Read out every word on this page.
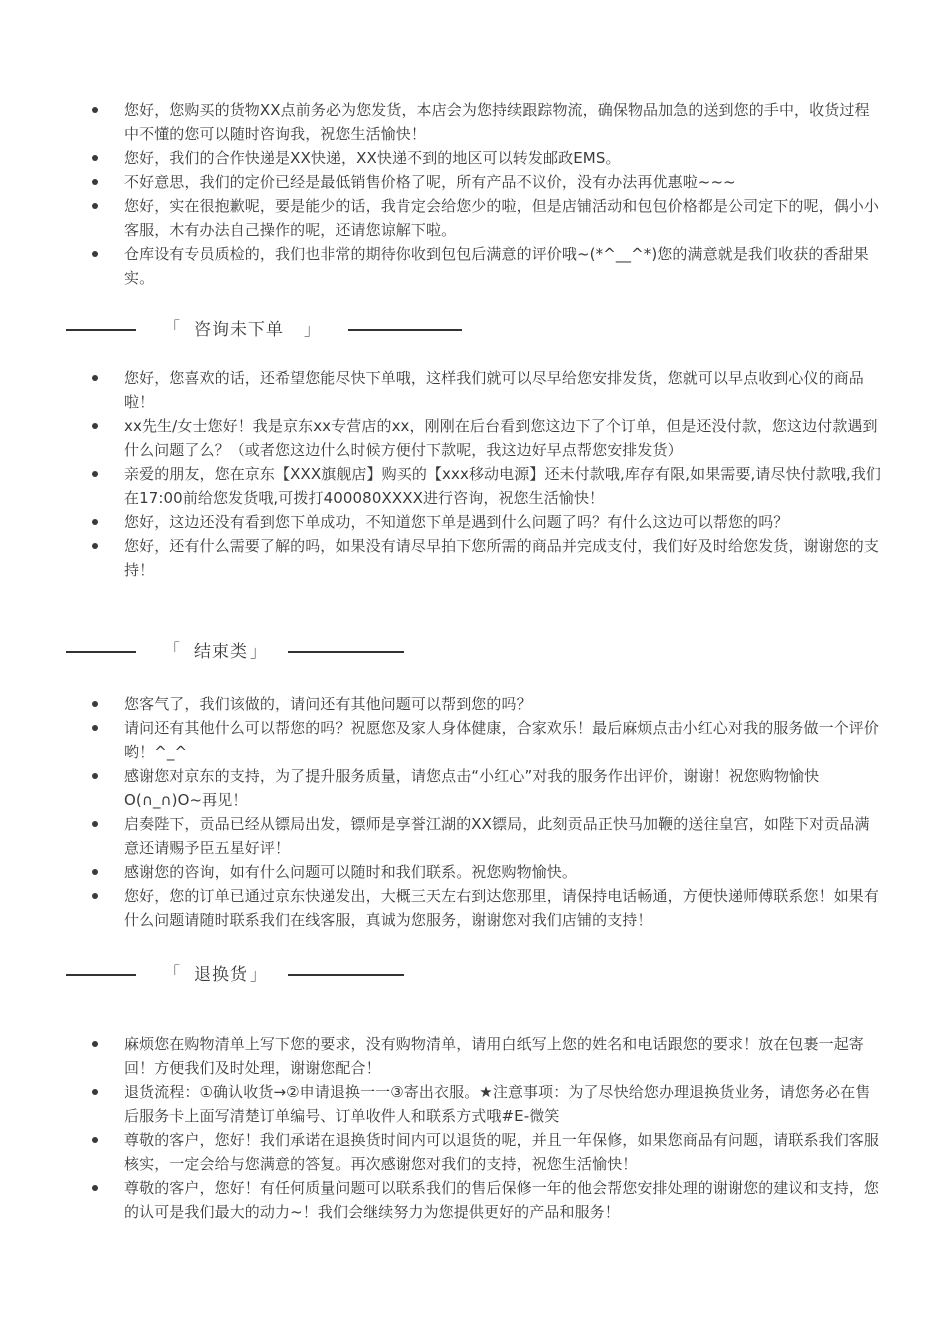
您好，您购买的货物XX点前务必为您发货，本店会为您持续跟踪物流，确保物品加急的送到您的手中，收货过程中不懂的您可以随时咨询我，祝您生活愉快！
您好，我们的合作快递是XX快递，XX快递不到的地区可以转发邮政EMS。
不好意思，我们的定价已经是最低销售价格了呢，所有产品不议价，没有办法再优惠啦~~~
您好，实在很抱歉呢，要是能少的话，我肯定会给您少的啦，但是店铺活动和包包价格都是公司定下的呢，偶小小客服，木有办法自己操作的呢，还请您谅解下啦。
仓库设有专员质检的，我们也非常的期待你收到包包后满意的评价哦~(*^__^*)您的满意就是我们收获的香甜果实。
「 咨询未下单 」
您好，您喜欢的话，还希望您能尽快下单哦，这样我们就可以尽早给您安排发货，您就可以早点收到心仪的商品啦！
xx先生/女士您好！我是京东xx专营店的xx，刚刚在后台看到您这边下了个订单，但是还没付款，您这边付款遇到什么问题了么？（或者您这边什么时候方便付下款呢，我这边好早点帮您安排发货）
亲爱的朋友，您在京东【XXX旗舰店】购买的【xxx移动电源】还未付款哦,库存有限,如果需要,请尽快付款哦,我们在17:00前给您发货哦,可拨打400080XXXX进行咨询，祝您生活愉快！
您好，这边还没有看到您下单成功，不知道您下单是遇到什么问题了吗？有什么这边可以帮您的吗？
您好，还有什么需要了解的吗，如果没有请尽早拍下您所需的商品并完成支付，我们好及时给您发货，谢谢您的支持！
「 结束类 」
您客气了，我们该做的，请问还有其他问题可以帮到您的吗？
请问还有其他什么可以帮您的吗？祝愿您及家人身体健康，合家欢乐！最后麻烦点击小红心对我的服务做一个评价哟！^_^
感谢您对京东的支持，为了提升服务质量，请您点击“小红心”对我的服务作出评价，谢谢！祝您购物愉快O(∩_∩)O~再见！
启奏陛下，贡品已经从镖局出发，镖师是享誉江湖的XX镖局，此刻贡品正快马加鞭的送往皇宫，如陛下对贡品满意还请赐予臣五星好评！
感谢您的咨询，如有什么问题可以随时和我们联系。祝您购物愉快。
您好，您的订单已通过京东快递发出，大概三天左右到达您那里，请保持电话畅通，方便快递师傅联系您！如果有什么问题请随时联系我们在线客服，真诚为您服务，谢谢您对我们店铺的支持！
「 退换货 」
麻烦您在购物清单上写下您的要求，没有购物清单，请用白纸写上您的姓名和电话跟您的要求！放在包裹一起寄回！方便我们及时处理，谢谢您配合！
退货流程：①确认收货→②申请退换一一③寄出衣服。★注意事项：为了尽快给您办理退换货业务，请您务必在售后服务卡上面写清楚订单编号、订单收件人和联系方式哦#E-微笑
尊敬的客户，您好！我们承诺在退换货时间内可以退货的呢，并且一年保修，如果您商品有问题，请联系我们客服核实，一定会给与您满意的答复。再次感谢您对我们的支持，祝您生活愉快！
尊敬的客户，您好！有任何质量问题可以联系我们的售后保修一年的他会帮您安排处理的谢谢您的建议和支持，您的认可是我们最大的动力~！我们会继续努力为您提供更好的产品和服务！
